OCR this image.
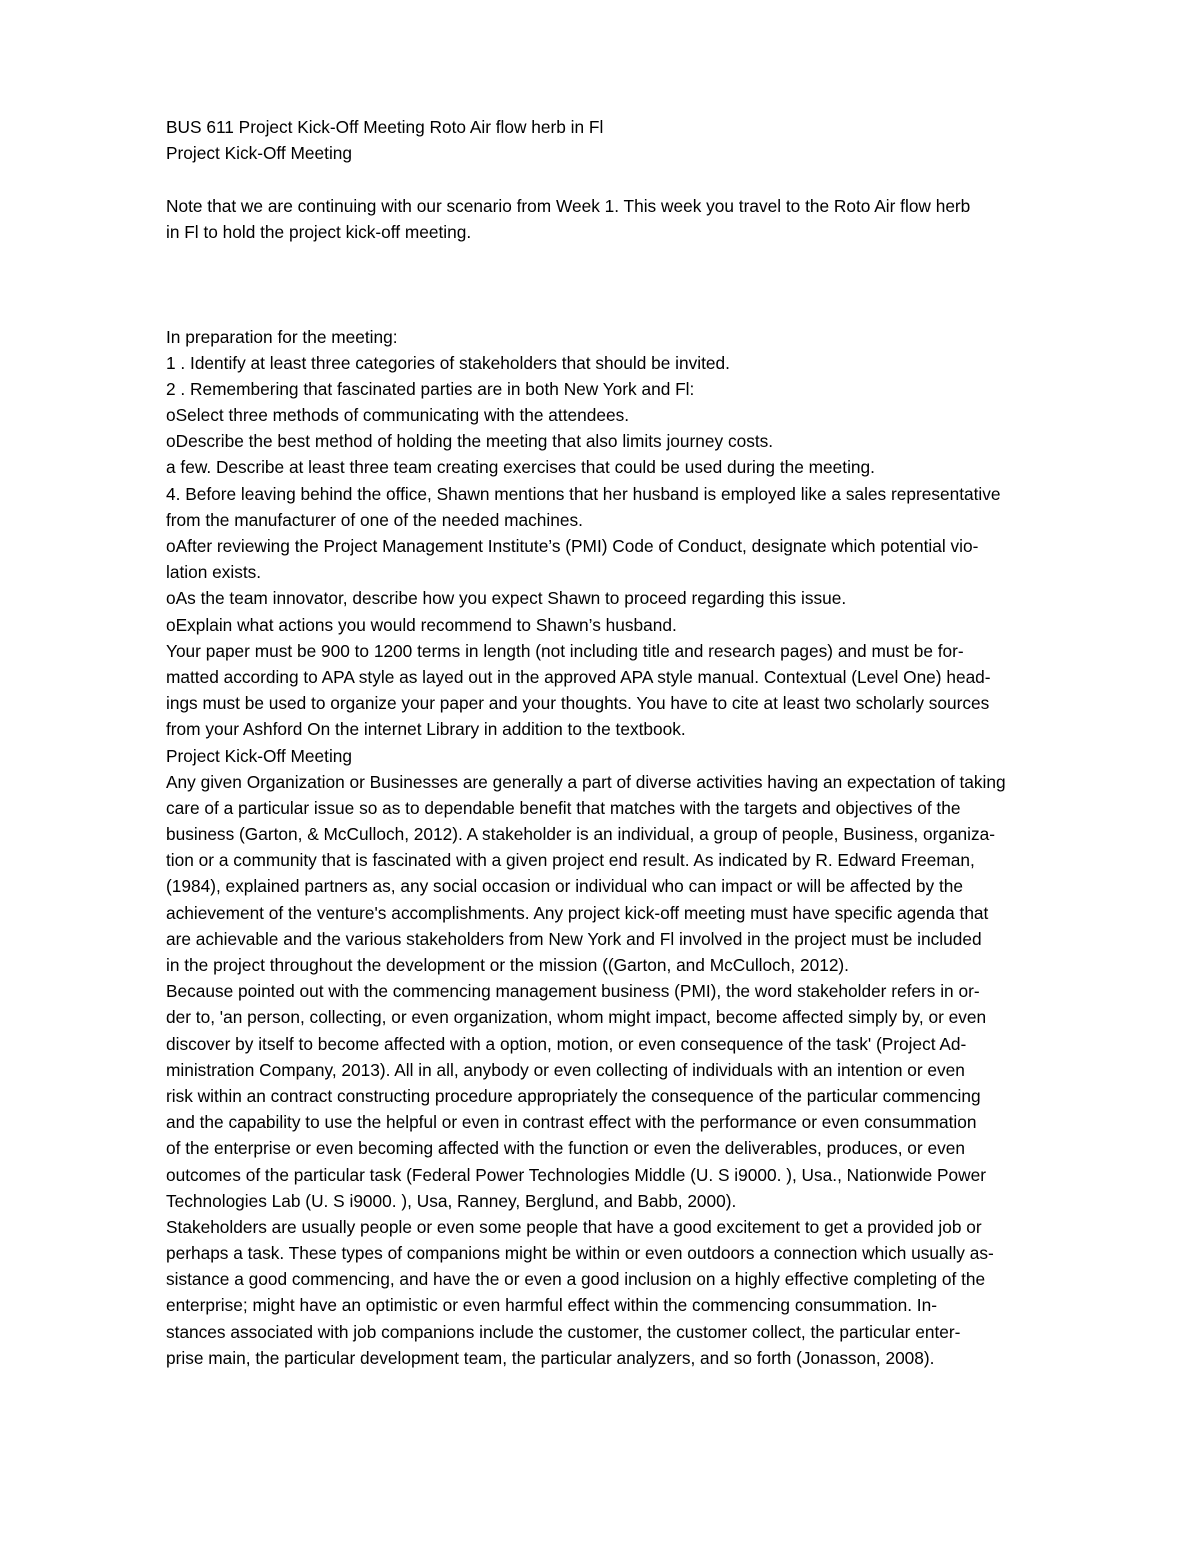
BUS 611 Project Kick-Off Meeting Roto Air flow herb in Fl
Project Kick-Off Meeting
Note that we are continuing with our scenario from Week 1. This week you travel to the Roto Air flow herb
in Fl to hold the project kick-off meeting.
In preparation for the meeting:
1 . Identify at least three categories of stakeholders that should be invited.
2 . Remembering that fascinated parties are in both New York and Fl:
oSelect three methods of communicating with the attendees.
oDescribe the best method of holding the meeting that also limits journey costs.
a few. Describe at least three team creating exercises that could be used during the meeting.
4. Before leaving behind the office, Shawn mentions that her husband is employed like a sales representative
from the manufacturer of one of the needed machines.
oAfter reviewing the Project Management Institute’s (PMI) Code of Conduct, designate which potential vio-
lation exists.
oAs the team innovator, describe how you expect Shawn to proceed regarding this issue.
oExplain what actions you would recommend to Shawn’s husband.
Your paper must be 900 to 1200 terms in length (not including title and research pages) and must be for-
matted according to APA style as layed out in the approved APA style manual. Contextual (Level One) head-
ings must be used to organize your paper and your thoughts. You have to cite at least two scholarly sources
from your Ashford On the internet Library in addition to the textbook.
Project Kick-Off Meeting
Any given Organization or Businesses are generally a part of diverse activities having an expectation of taking
care of a particular issue so as to dependable benefit that matches with the targets and objectives of the
business (Garton, & McCulloch, 2012). A stakeholder is an individual, a group of people, Business, organiza-
tion or a community that is fascinated with a given project end result. As indicated by R. Edward Freeman,
(1984), explained partners as, any social occasion or individual who can impact or will be affected by the
achievement of the venture's accomplishments. Any project kick-off meeting must have specific agenda that
are achievable and the various stakeholders from New York and Fl involved in the project must be included
in the project throughout the development or the mission ((Garton, and McCulloch, 2012).
Because pointed out with the commencing management business (PMI), the word stakeholder refers in or-
der to, 'an person, collecting, or even organization, whom might impact, become affected simply by, or even
discover by itself to become affected with a option, motion, or even consequence of the task' (Project Ad-
ministration Company, 2013). All in all, anybody or even collecting of individuals with an intention or even
risk within an contract constructing procedure appropriately the consequence of the particular commencing
and the capability to use the helpful or even in contrast effect with the performance or even consummation
of the enterprise or even becoming affected with the function or even the deliverables, produces, or even
outcomes of the particular task (Federal Power Technologies Middle (U. S i9000. ), Usa., Nationwide Power
Technologies Lab (U. S i9000. ), Usa, Ranney, Berglund, and Babb, 2000).
Stakeholders are usually people or even some people that have a good excitement to get a provided job or
perhaps a task. These types of companions might be within or even outdoors a connection which usually as-
sistance a good commencing, and have the or even a good inclusion on a highly effective completing of the
enterprise; might have an optimistic or even harmful effect within the commencing consummation. In-
stances associated with job companions include the customer, the customer collect, the particular enter-
prise main, the particular development team, the particular analyzers, and so forth (Jonasson, 2008).
